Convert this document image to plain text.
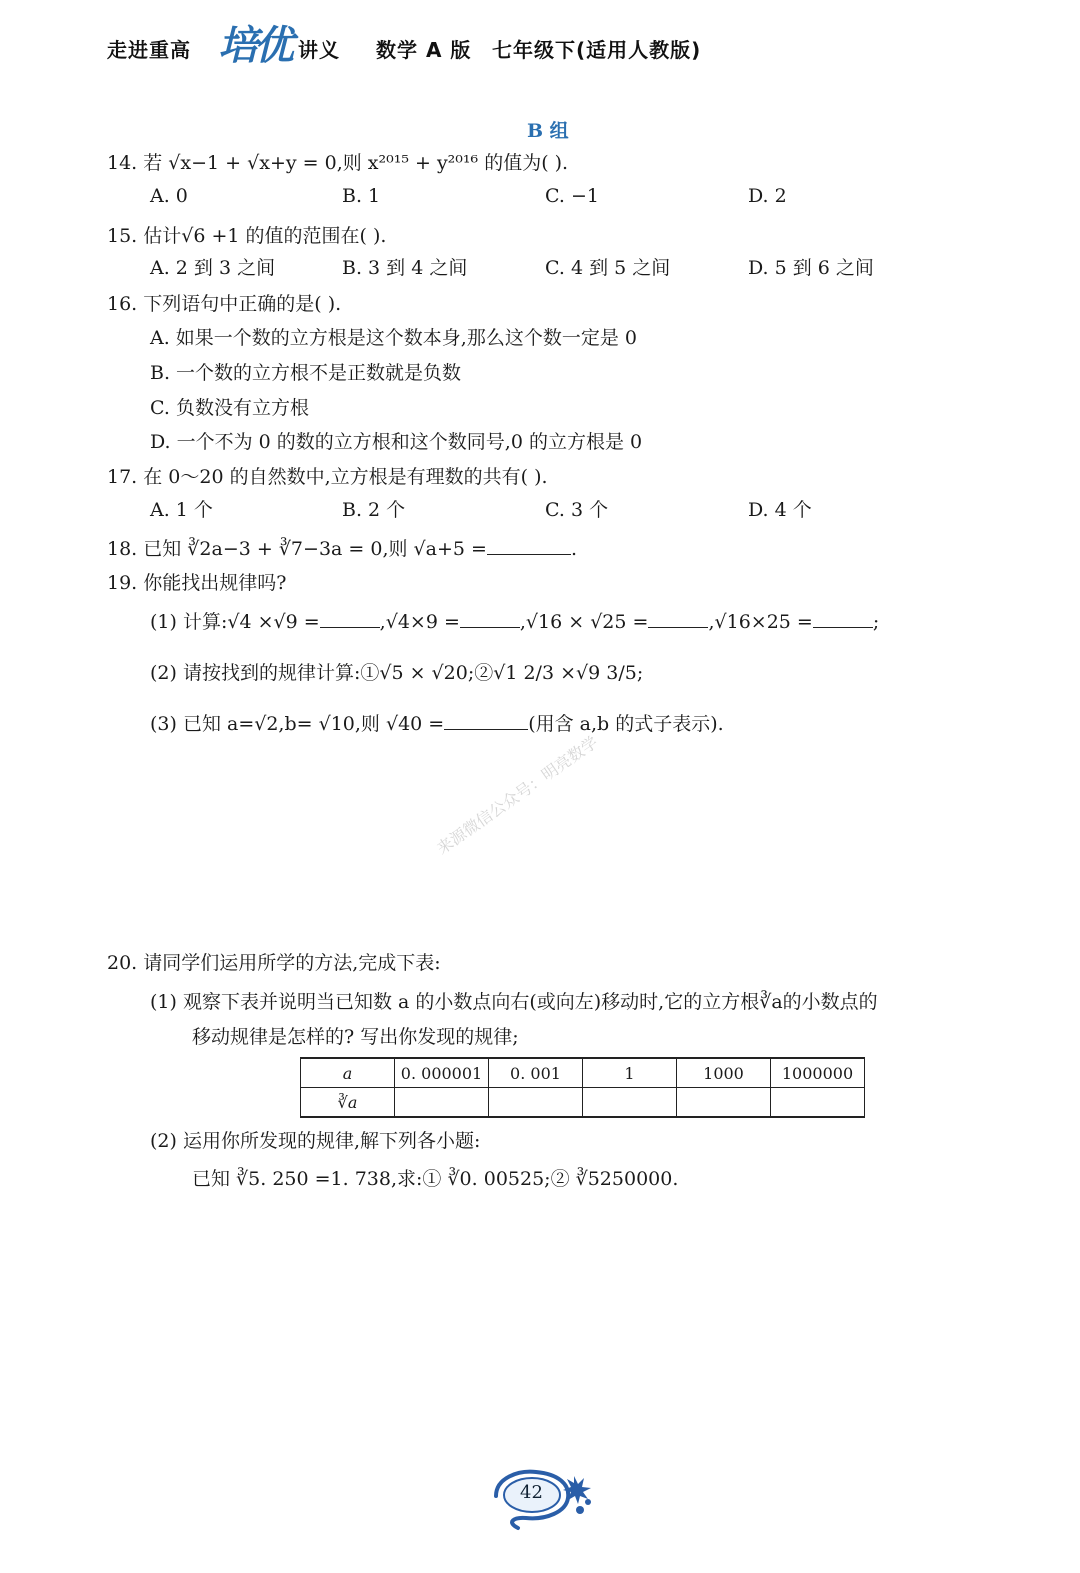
走进重高 培优 讲义 数学 A 版 七年级下(适用人教版)
B 组
14. 若 √x−1 + √x+y = 0,则 x²⁰¹⁵ + y²⁰¹⁶ 的值为( ).
A. 0	B. 1	C. −1	D. 2
15. 估计√6 +1 的值的范围在( ).
A. 2 到 3 之间	B. 3 到 4 之间	C. 4 到 5 之间	D. 5 到 6 之间
16. 下列语句中正确的是( ).
A. 如果一个数的立方根是这个数本身,那么这个数一定是 0
B. 一个数的立方根不是正数就是负数
C. 负数没有立方根
D. 一个不为 0 的数的立方根和这个数同号,0 的立方根是 0
17. 在 0～20 的自然数中,立方根是有理数的共有( ).
A. 1 个	B. 2 个	C. 3 个	D. 4 个
18. 已知 ∛2a−3 + ∛7−3a = 0,则 √a+5 =	.
19. 你能找出规律吗?
(1) 计算:√4 ×√9 =	,√4×9 =	,√16 × √25 =	,√16×25 =	;
(2) 请按找到的规律计算:①√5 × √20;②√1 2/3 ×√9 3/5;
(3) 已知 a=√2,b= √10,则 √40 =	(用含 a,b 的式子表示).
来源微信公众号：明亮数学
20. 请同学们运用所学的方法,完成下表:
(1) 观察下表并说明当已知数 a 的小数点向右(或向左)移动时,它的立方根∛a的小数点的
移动规律是怎样的? 写出你发现的规律;
a	0. 000001	0. 001	1	1000	1000000
∛a					
(2) 运用你所发现的规律,解下列各小题:
已知 ∛5. 250 =1. 738,求:① ∛0. 00525;② ∛5250000.
42
